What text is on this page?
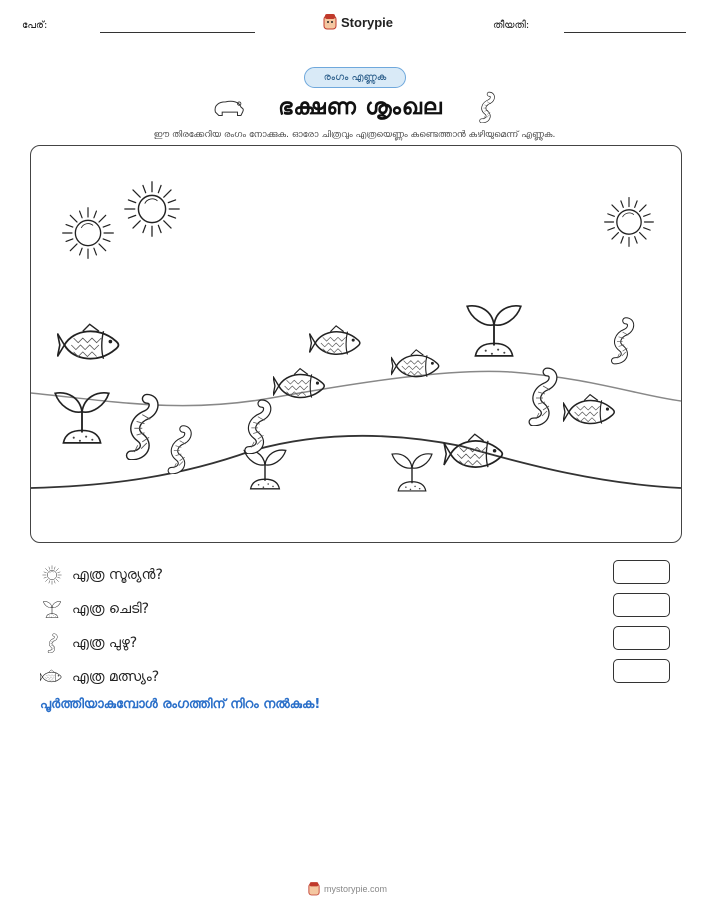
പേര്:	Storypie	തീയതി:
രംഗം എണ്ണുക
ഭക്ഷണ ശൃംഖല
ഈ തിരക്കേറിയ രംഗം നോക്കുക. ഓരോ ചിത്രവും എത്രയെണ്ണം കണ്ടെത്താൻ കഴിയുമെന്ന് എണ്ണുക.
എത്ര സൂര്യൻ?
എത്ര ചെടി?
എത്ര പുഴു?
എത്ര മത്സ്യം?
പൂർത്തിയാകുമ്പോൾ രംഗത്തിന് നിറം നൽകുക!
mystorypie.com
